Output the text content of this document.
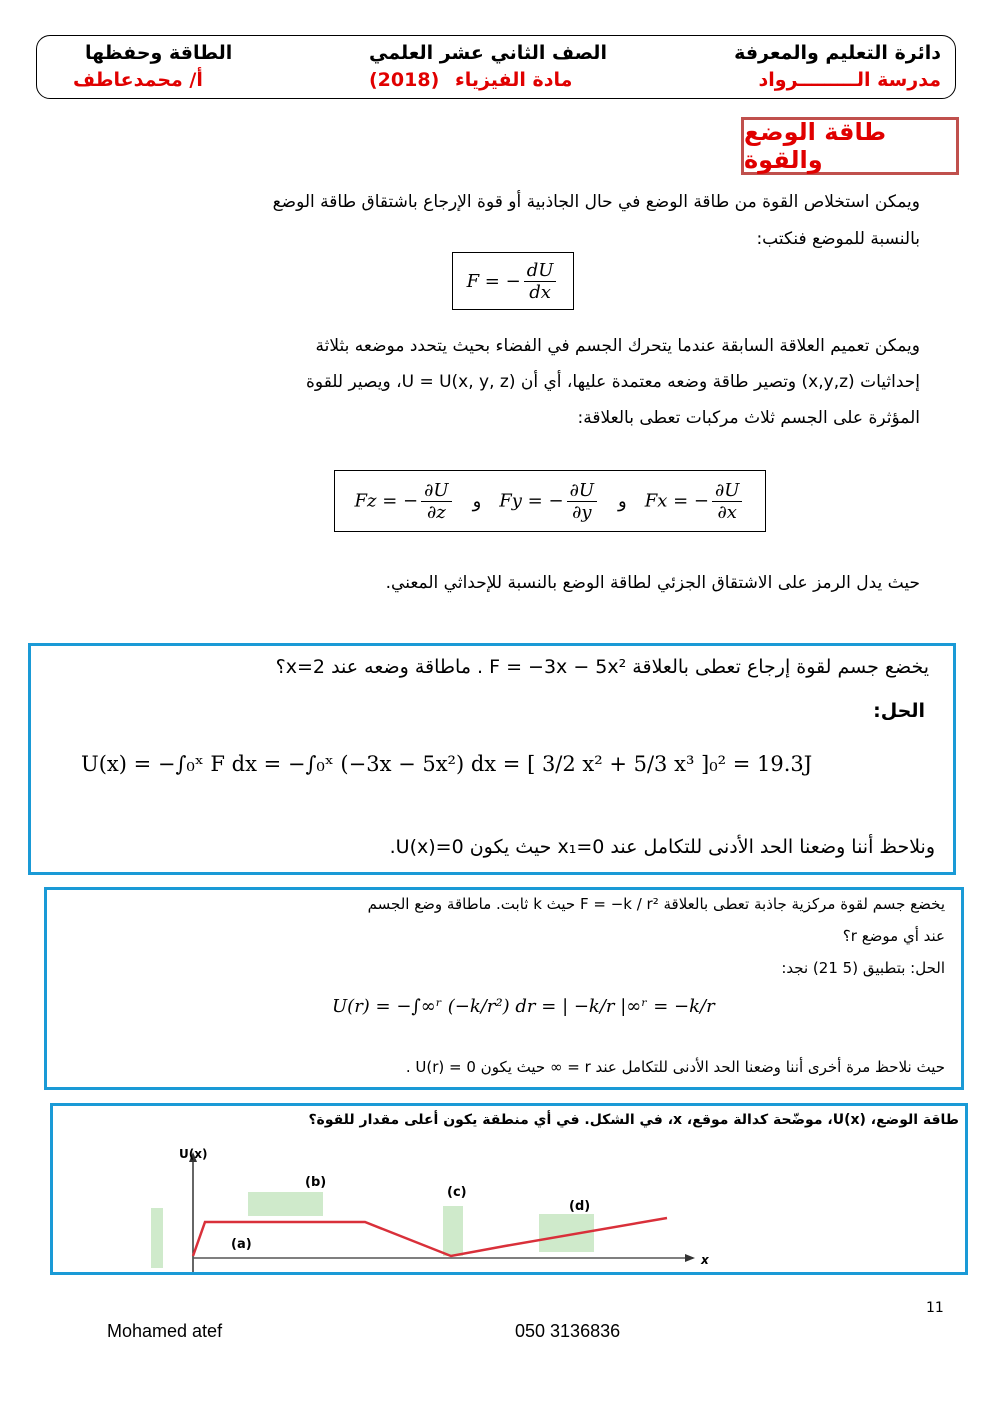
دائرة التعليم والمعرفة
مدرسة الـــــــــرواد
الصف الثاني عشر العلمي
(2018) مادة الفيزياء
الطاقة وحفظها
أ/ محمدعاطف
طاقة الوضع والقوة
ويمكن استخلاص القوة من طاقة الوضع في حال الجاذبية أو قوة الإرجاع باشتقاق طاقة الوضع
بالنسبة للموضع فنكتب:
F = − $\frac{dU}{dx}$
ويمكن تعميم العلاقة السابقة عندما يتحرك الجسم في الفضاء بحيث يتحدد موضعه بثلاثة
إحداثيات (x,y,z) وتصير طاقة وضعه معتمدة عليها، أي أن U = U(x, y, z)، ويصير للقوة
المؤثرة على الجسم ثلاث مركبات تعطى بالعلاقة:
Fz = − $\frac{\partial U}{\partial z}$ و Fy = − $\frac{\partial U}{\partial y}$ و Fx = − $\frac{\partial U}{\partial x}$
حيث يدل الرمز على الاشتقاق الجزئي لطاقة الوضع بالنسبة للإحداثي المعني.
يخضع جسم لقوة إرجاع تعطى بالعلاقة F = −3x − 5x² . ماطاقة وضعه عند x=2؟
الحل:
U(x) = −∫₀ˣ F dx = −∫₀ˣ (−3x − 5x²) dx = [ 3/2 x² + 5/3 x³ ]₀² = 19.3J
ونلاحظ أننا وضعنا الحد الأدنى للتكامل عند x₁=0 حيث يكون U(x)=0.
يخضع جسم لقوة مركزية جاذبة تعطى بالعلاقة F = −k / r² حيث k ثابت. ماطاقة وضع الجسم
عند أي موضع r؟
الحل: بتطبيق (5 21) نجد:
U(r) = −∫∞ʳ (−k/r²) dr = | −k/r |∞ʳ = −k/r
حيث نلاحظ مرة أخرى أننا وضعنا الحد الأدنى للتكامل عند r = ∞ حيث يكون U(r) = 0 .
طاقة الوضع، U(x)، موضّحة كدالة موقع، x، في الشكل. في أي منطقة يكون أعلى مقدار للقوة؟
U(x)
x
(a)
(b)
(c)
(d)
11
Mohamed atef	050 3136836
